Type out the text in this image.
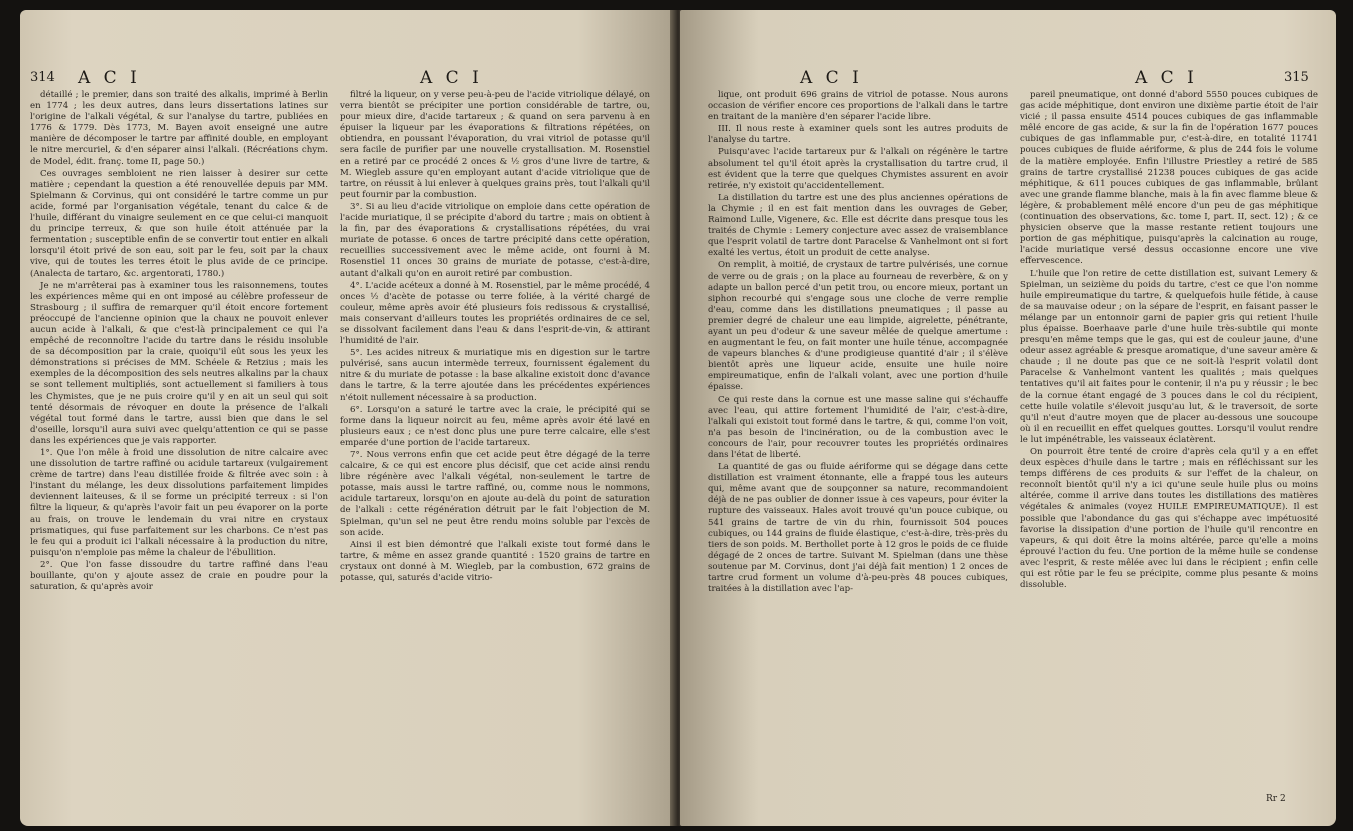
314 A C I	A C I

détaillé ; le premier, dans son traité des alkalis, imprimé à Berlin en 1774 ; les deux autres, dans leurs dissertations latines sur l'origine de l'alkali végétal, & sur l'analyse du tartre, publiées en 1776 & 1779. Dès 1773, M. Bayen avoit enseigné une autre manière de décomposer le tartre par affinité double, en employant le nitre mercuriel, & d'en séparer ainsi l'alkali. (Récréations chym. de Model, édit. franç. tome II, page 50.)

Ces ouvrages sembloient ne rien laisser à desirer sur cette matière ; cependant la question a été renouvellée depuis par MM. Spielmann & Corvinus, qui ont considéré le tartre comme un pur acide, formé par l'organisation végétale, tenant du calce & de l'huile, différant du vinaigre seulement en ce que celui-ci manquoit du principe terreux, & que son huile étoit atténuée par la fermentation ; susceptible enfin de se convertir tout entier en alkali lorsqu'il étoit privé de son eau, soit par le feu, soit par la chaux vive, qui de toutes les terres étoit le plus avide de ce principe. (Analecta de tartaro, &c. argentorati, 1780.)

Je ne m'arrêterai pas à examiner tous les raisonnemens, toutes les expériences même qui en ont imposé au célèbre professeur de Strasbourg ; il suffira de remarquer qu'il étoit encore fortement préoccupé de l'ancienne opinion que la chaux ne pouvoit enlever aucun acide à l'alkali, & que c'est-là principalement ce qui l'a empêché de reconnoître l'acide du tartre dans le résidu insoluble de sa décomposition par la craie, quoiqu'il eût sous les yeux les démonstrations si précises de MM. Schéele & Retzius ; mais les exemples de la décomposition des sels neutres alkalins par la chaux se sont tellement multipliés, sont actuellement si familiers à tous les Chymistes, que je ne puis croire qu'il y en ait un seul qui soit tenté désormais de révoquer en doute la présence de l'alkali végétal tout formé dans le tartre, aussi bien que dans le sel d'oseille, lorsqu'il aura suivi avec quelqu'attention ce qui se passe dans les expériences que je vais rapporter.

1°. Que l'on mêle à froid une dissolution de nitre calcaire avec une dissolution de tartre raffiné ou acidule tartareux (vulgairement crème de tartre) dans l'eau distillée froide & filtrée avec soin : à l'instant du mélange, les deux dissolutions parfaitement limpides deviennent laiteuses, & il se forme un précipité terreux : si l'on filtre la liqueur, & qu'après l'avoir fait un peu évaporer on la porte au frais, on trouve le lendemain du vrai nitre en crystaux prismatiques, qui fuse parfaitement sur les charbons. Ce n'est pas le feu qui a produit ici l'alkali nécessaire à la production du nitre, puisqu'on n'emploie pas même la chaleur de l'ébullition.

2°. Que l'on fasse dissoudre du tartre raffiné dans l'eau bouillante, qu'on y ajoute assez de craie en poudre pour la saturation, & qu'après avoir

filtré la liqueur, on y verse peu-à-peu de l'acide vitriolique délayé, on verra bientôt se précipiter une portion considérable de tartre, ou, pour mieux dire, d'acide tartareux ; & quand on sera parvenu à en épuiser la liqueur par les évaporations & filtrations répétées, on obtiendra, en poussant l'évaporation, du vrai vitriol de potasse qu'il sera facile de purifier par une nouvelle crystallisation. M. Rosenstiel en a retiré par ce procédé 2 onces & ½ gros d'une livre de tartre, & M. Wiegleb assure qu'en employant autant d'acide vitriolique que de tartre, on réussit à lui enlever à quelques grains près, tout l'alkali qu'il peut fournir par la combustion.

3°. Si au lieu d'acide vitriolique on emploie dans cette opération de l'acide muriatique, il se précipite d'abord du tartre ; mais on obtient à la fin, par des évaporations & crystallisations répétées, du vrai muriate de potasse. 6 onces de tartre précipité dans cette opération, recueillies successivement avec le même acide, ont fourni à M. Rosenstiel 11 onces 30 grains de muriate de potasse, c'est-à-dire, autant d'alkali qu'on en auroit retiré par combustion.

4°. L'acide acéteux a donné à M. Rosenstiel, par le même procédé, 4 onces ½ d'acète de potasse ou terre foliée, à la vérité chargé de couleur, même après avoir été plusieurs fois redissous & crystallisé, mais conservant d'ailleurs toutes les propriétés ordinaires de ce sel, se dissolvant facilement dans l'eau & dans l'esprit-de-vin, & attirant l'humidité de l'air.

5°. Les acides nitreux & muriatique mis en digestion sur le tartre pulvérisé, sans aucun intermède terreux, fournissent également du nitre & du muriate de potasse : la base alkaline existoit donc d'avance dans le tartre, & la terre ajoutée dans les précédentes expériences n'étoit nullement nécessaire à sa production.

6°. Lorsqu'on a saturé le tartre avec la craie, le précipité qui se forme dans la liqueur noircit au feu, même après avoir été lavé en plusieurs eaux ; ce n'est donc plus une pure terre calcaire, elle s'est emparée d'une portion de l'acide tartareux.

7°. Nous verrons enfin que cet acide peut être dégagé de la terre calcaire, & ce qui est encore plus décisif, que cet acide ainsi rendu libre régénère avec l'alkali végétal, non-seulement le tartre de potasse, mais aussi le tartre raffiné, ou, comme nous le nommons, acidule tartareux, lorsqu'on en ajoute au-delà du point de saturation de l'alkali : cette régénération détruit par le fait l'objection de M. Spielman, qu'un sel ne peut être rendu moins soluble par l'excès de son acide.

Ainsi il est bien démontré que l'alkali existe tout formé dans le tartre, & même en assez grande quantité : 1520 grains de tartre en crystaux ont donné à M. Wiegleb, par la combustion, 672 grains de potasse, qui, saturés d'acide vitrio-

A C I	A C I	315

lique, ont produit 696 grains de vitriol de potasse. Nous aurons occasion de vérifier encore ces proportions de l'alkali dans le tartre en traitant de la manière d'en séparer l'acide libre.

III. Il nous reste à examiner quels sont les autres produits de l'analyse du tartre.

Puisqu'avec l'acide tartareux pur & l'alkali on régénère le tartre absolument tel qu'il étoit après la crystallisation du tartre crud, il est évident que la terre que quelques Chymistes assurent en avoir retirée, n'y existoit qu'accidentellement.

La distillation du tartre est une des plus anciennes opérations de la Chymie ; il en est fait mention dans les ouvrages de Geber, Raimond Lulle, Vigenere, &c. Elle est décrite dans presque tous les traités de Chymie : Lemery conjecture avec assez de vraisemblance que l'esprit volatil de tartre dont Paracelse & Vanhelmont ont si fort exalté les vertus, étoit un produit de cette analyse.

On remplit, à moitié, de crystaux de tartre pulvérisés, une cornue de verre ou de grais ; on la place au fourneau de reverbère, & on y adapte un ballon percé d'un petit trou, ou encore mieux, portant un siphon recourbé qui s'engage sous une cloche de verre remplie d'eau, comme dans les distillations pneumatiques ; il passe au premier degré de chaleur une eau limpide, aigrelette, pénétrante, ayant un peu d'odeur & une saveur mêlée de quelque amertume : en augmentant le feu, on fait monter une huile ténue, accompagnée de vapeurs blanches & d'une prodigieuse quantité d'air ; il s'élève bientôt après une liqueur acide, ensuite une huile noire empireumatique, enfin de l'alkali volant, avec une portion d'huile épaisse.

Ce qui reste dans la cornue est une masse saline qui s'échauffe avec l'eau, qui attire fortement l'humidité de l'air, c'est-à-dire, l'alkali qui existoit tout formé dans le tartre, & qui, comme l'on voit, n'a pas besoin de l'incinération, ou de la combustion avec le concours de l'air, pour recouvrer toutes les propriétés ordinaires dans l'état de liberté.

La quantité de gas ou fluide aériforme qui se dégage dans cette distillation est vraiment étonnante, elle a frappé tous les auteurs qui, même avant que de soupçonner sa nature, recommandoient déjà de ne pas oublier de donner issue à ces vapeurs, pour éviter la rupture des vaisseaux. Hales avoit trouvé qu'un pouce cubique, ou 541 grains de tartre de vin du rhin, fournissoit 504 pouces cubiques, ou 144 grains de fluide élastique, c'est-à-dire, très-près du tiers de son poids. M. Berthollet porte à 12 gros le poids de ce fluide dégagé de 2 onces de tartre. Suivant M. Spielman (dans une thèse soutenue par M. Corvinus, dont j'ai déjà fait mention) 1 2 onces de tartre crud forment un volume d'à-peu-près 48 pouces cubiques, traitées à la distillation avec l'ap-

pareil pneumatique, ont donné d'abord 5550 pouces cubiques de gas acide méphitique, dont environ une dixième partie étoit de l'air vicié ; il passa ensuite 4514 pouces cubiques de gas inflammable mêlé encore de gas acide, & sur la fin de l'opération 1677 pouces cubiques de gas inflammable pur, c'est-à-dire, en totalité 11741 pouces cubiques de fluide aériforme, & plus de 244 fois le volume de la matière employée. Enfin l'illustre Priestley a retiré de 585 grains de tartre crystallisé 21238 pouces cubiques de gas acide méphitique, & 611 pouces cubiques de gas inflammable, brûlant avec une grande flamme blanche, mais à la fin avec flamme bleue & légère, & probablement mêlé encore d'un peu de gas méphitique (continuation des observations, &c. tome I, part. II, sect. 12) ; & ce physicien observe que la masse restante retient toujours une portion de gas méphitique, puisqu'après la calcination au rouge, l'acide muriatique versé dessus occasionne encore une vive effervescence.

L'huile que l'on retire de cette distillation est, suivant Lemery & Spielman, un seizième du poids du tartre, c'est ce que l'on nomme huile empireumatique du tartre, & quelquefois huile fétide, à cause de sa mauvaise odeur ; on la sépare de l'esprit, en faisant passer le mélange par un entonnoir garni de papier gris qui retient l'huile plus épaisse. Boerhaave parle d'une huile très-subtile qui monte presqu'en même temps que le gas, qui est de couleur jaune, d'une odeur assez agréable & presque aromatique, d'une saveur amère & chaude ; il ne doute pas que ce ne soit-là l'esprit volatil dont Paracelse & Vanhelmont vantent les qualités ; mais quelques tentatives qu'il ait faites pour le contenir, il n'a pu y réussir ; le bec de la cornue étant engagé de 3 pouces dans le col du récipient, cette huile volatile s'élevoit jusqu'au lut, & le traversoit, de sorte qu'il n'eut d'autre moyen que de placer au-dessous une soucoupe où il en recueillit en effet quelques gouttes. Lorsqu'il voulut rendre le lut impénétrable, les vaisseaux éclatèrent.

On pourroit être tenté de croire d'après cela qu'il y a en effet deux espèces d'huile dans le tartre ; mais en réfléchissant sur les temps différens de ces produits & sur l'effet de la chaleur, on reconnoît bientôt qu'il n'y a ici qu'une seule huile plus ou moins altérée, comme il arrive dans toutes les distillations des matières végétales & animales (voyez HUILE EMPIREUMATIQUE). Il est possible que l'abondance du gas qui s'échappe avec impétuosité favorise la dissipation d'une portion de l'huile qu'il rencontre en vapeurs, & qui doit être la moins altérée, parce qu'elle a moins éprouvé l'action du feu. Une portion de la même huile se condense avec l'esprit, & reste mêlée avec lui dans le récipient ; enfin celle qui est rôtie par le feu se précipite, comme plus pesante & moins dissoluble.

Rr 2
